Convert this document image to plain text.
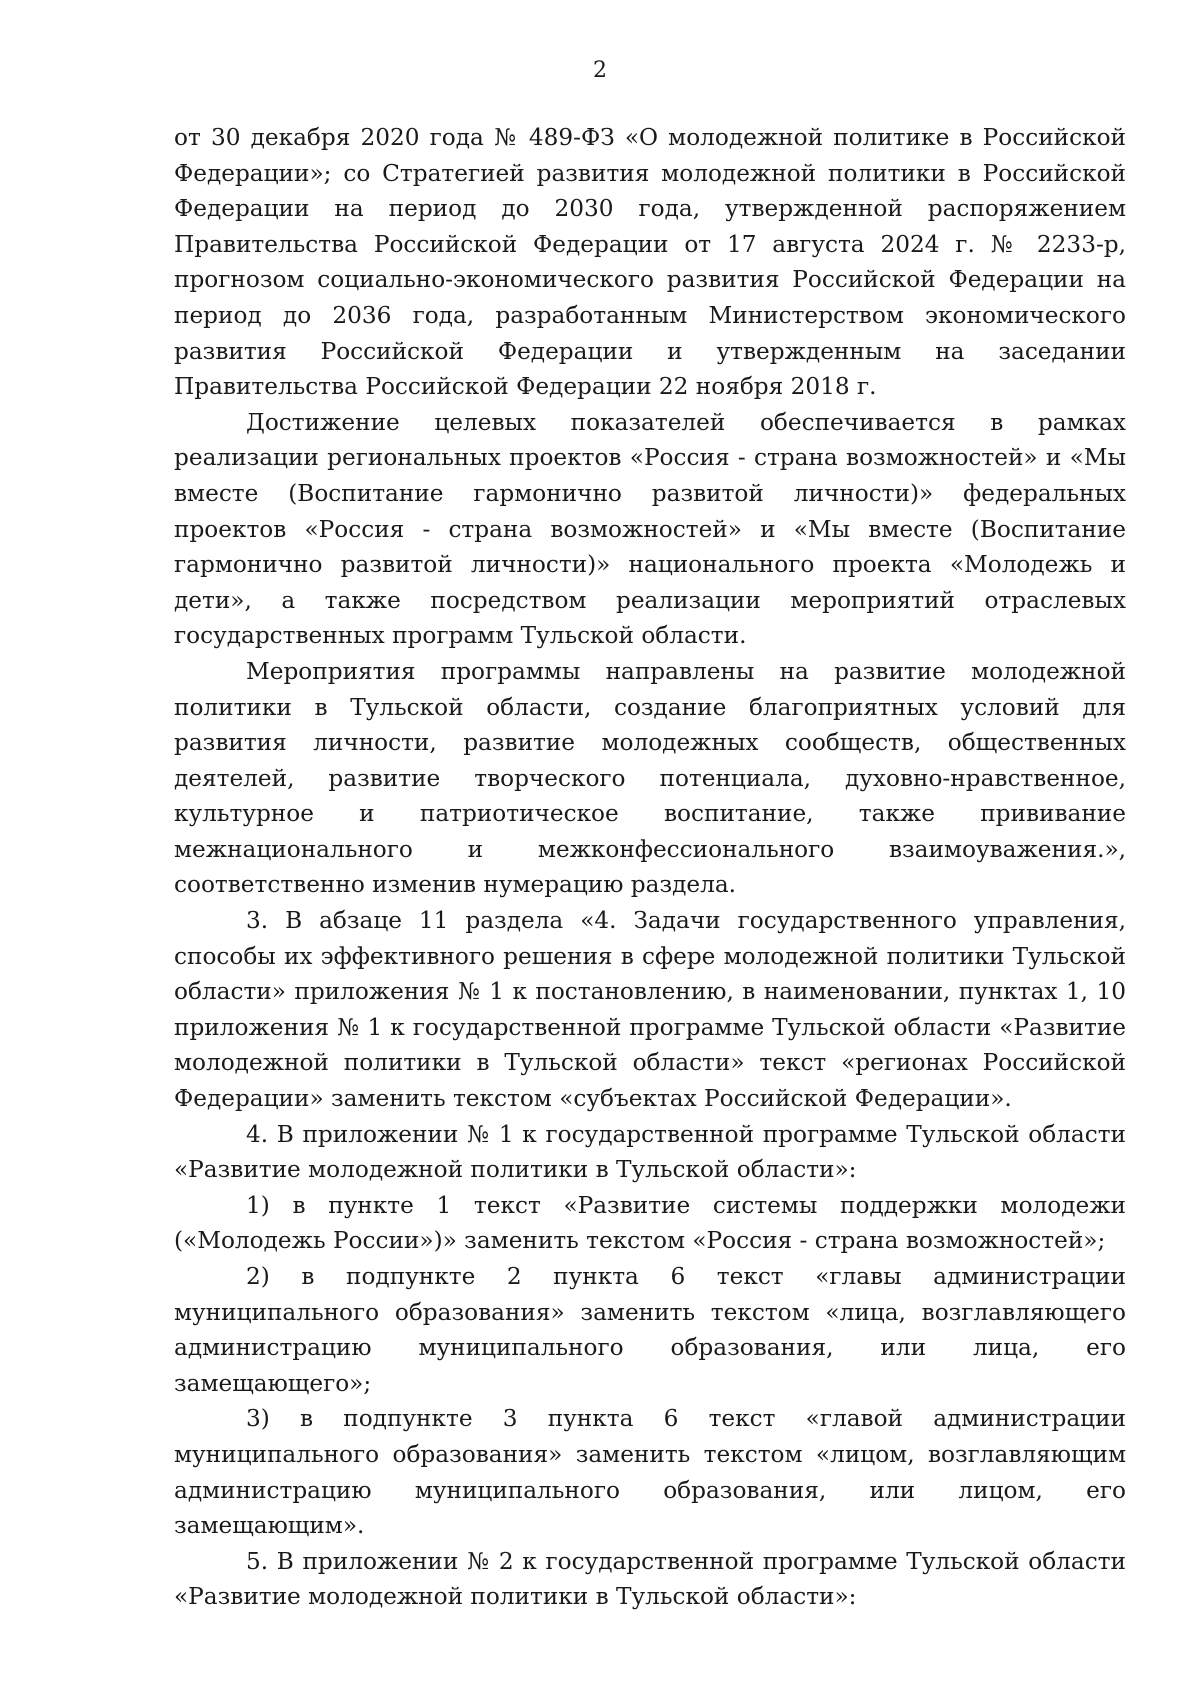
2

от 30 декабря 2020 года № 489-ФЗ «О молодежной политике в Российской Федерации»; со Стратегией развития молодежной политики в Российской Федерации на период до 2030 года, утвержденной распоряжением Правительства Российской Федерации от 17 августа 2024 г. № 2233-р, прогнозом социально-экономического развития Российской Федерации на период до 2036 года, разработанным Министерством экономического развития Российской Федерации и утвержденным на заседании Правительства Российской Федерации 22 ноября 2018 г.

Достижение целевых показателей обеспечивается в рамках реализации региональных проектов «Россия - страна возможностей» и «Мы вместе (Воспитание гармонично развитой личности)» федеральных проектов «Россия - страна возможностей» и «Мы вместе (Воспитание гармонично развитой личности)» национального проекта «Молодежь и дети», а также посредством реализации мероприятий отраслевых государственных программ Тульской области.

Мероприятия программы направлены на развитие молодежной политики в Тульской области, создание благоприятных условий для развития личности, развитие молодежных сообществ, общественных деятелей, развитие творческого потенциала, духовно-нравственное, культурное и патриотическое воспитание, также прививание межнационального и межконфессионального взаимоуважения.», соответственно изменив нумерацию раздела.

3. В абзаце 11 раздела «4. Задачи государственного управления, способы их эффективного решения в сфере молодежной политики Тульской области» приложения № 1 к постановлению, в наименовании, пунктах 1, 10 приложения № 1 к государственной программе Тульской области «Развитие молодежной политики в Тульской области» текст «регионах Российской Федерации» заменить текстом «субъектах Российской Федерации».

4. В приложении № 1 к государственной программе Тульской области «Развитие молодежной политики в Тульской области»:

1) в пункте 1 текст «Развитие системы поддержки молодежи («Молодежь России»)» заменить текстом «Россия - страна возможностей»;

2) в подпункте 2 пункта 6 текст «главы администрации муниципального образования» заменить текстом «лица, возглавляющего администрацию муниципального образования, или лица, его замещающего»;

3) в подпункте 3 пункта 6 текст «главой администрации муниципального образования» заменить текстом «лицом, возглавляющим администрацию муниципального образования, или лицом, его замещающим».

5. В приложении № 2 к государственной программе Тульской области «Развитие молодежной политики в Тульской области»:
